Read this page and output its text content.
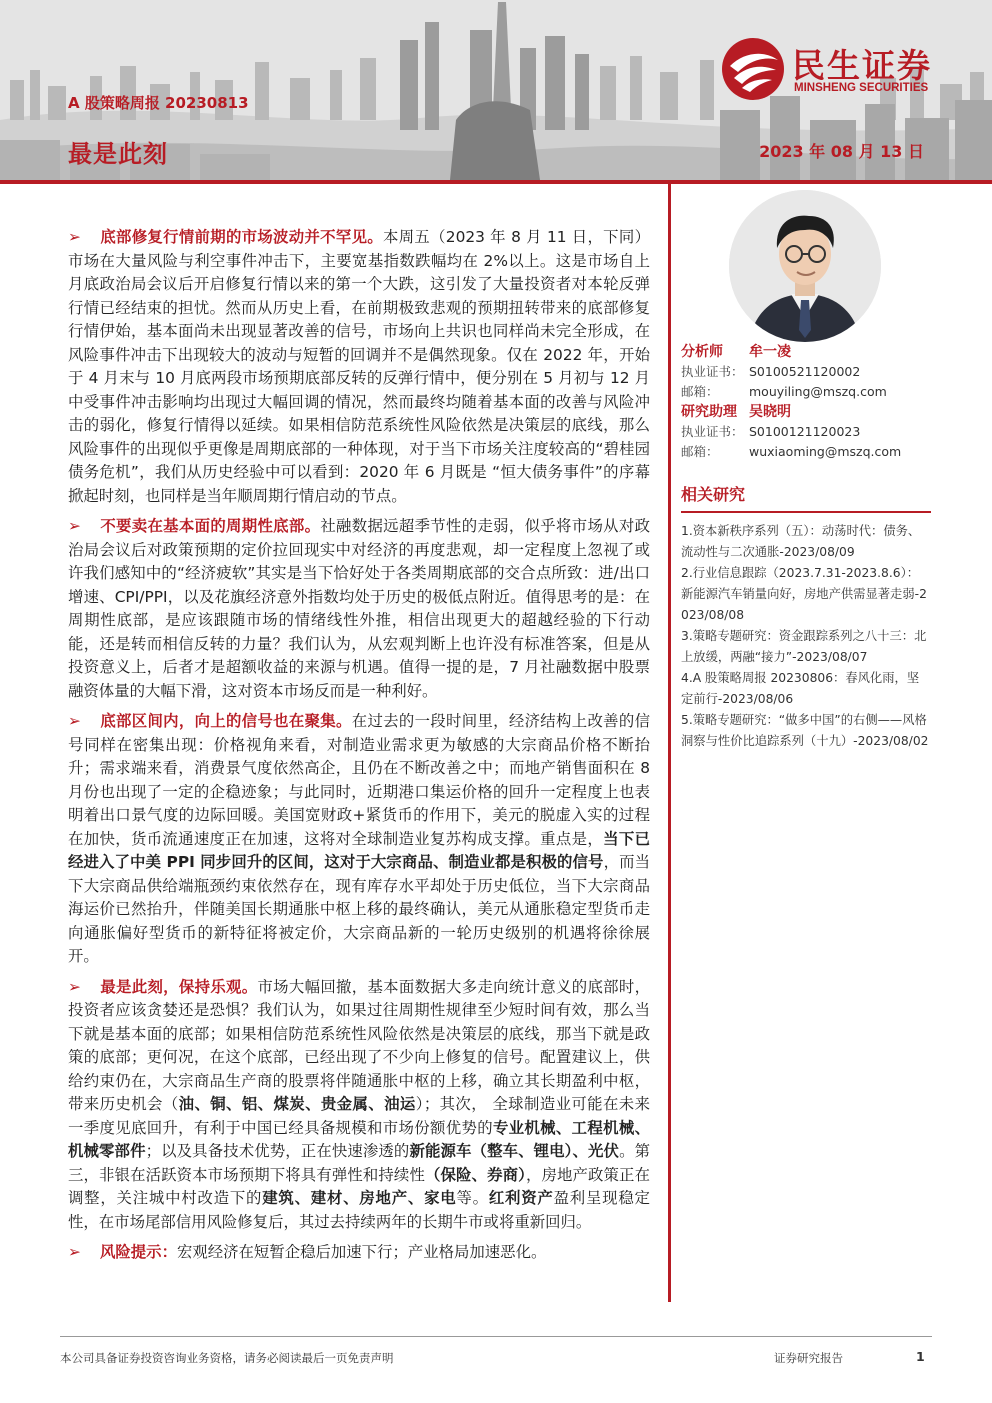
民生证券
MINSHENG SECURITIES
A 股策略周报 20230813
最是此刻	2023 年 08 月 13 日

➢ 底部修复行情前期的市场波动并不罕见。本周五（2023 年 8 月 11 日，下同）市场在大量风险与利空事件冲击下，主要宽基指数跌幅均在 2%以上。这是市场自上月底政治局会议后开启修复行情以来的第一个大跌，这引发了大量投资者对本轮反弹行情已经结束的担忧。然而从历史上看，在前期极致悲观的预期扭转带来的底部修复行情伊始，基本面尚未出现显著改善的信号，市场向上共识也同样尚未完全形成，在风险事件冲击下出现较大的波动与短暂的回调并不是偶然现象。仅在 2022 年，开始于 4 月末与 10 月底两段市场预期底部反转的反弹行情中，便分别在 5 月初与 12 月中受事件冲击影响均出现过大幅回调的情况，然而最终均随着基本面的改善与风险冲击的弱化，修复行情得以延续。如果相信防范系统性风险依然是决策层的底线，那么风险事件的出现似乎更像是周期底部的一种体现，对于当下市场关注度较高的“碧桂园债务危机”，我们从历史经验中可以看到：2020 年 6 月既是 “恒大债务事件”的序幕掀起时刻，也同样是当年顺周期行情启动的节点。

➢ 不要卖在基本面的周期性底部。社融数据远超季节性的走弱，似乎将市场从对政治局会议后对政策预期的定价拉回现实中对经济的再度悲观，却一定程度上忽视了或许我们感知中的“经济疲软”其实是当下恰好处于各类周期底部的交合点所致：进/出口增速、CPI/PPI，以及花旗经济意外指数均处于历史的极低点附近。值得思考的是：在周期性底部，是应该跟随市场的情绪线性外推，相信出现更大的超越经验的下行动能，还是转而相信反转的力量？我们认为，从宏观判断上也许没有标准答案，但是从投资意义上，后者才是超额收益的来源与机遇。值得一提的是，7 月社融数据中股票融资体量的大幅下滑，这对资本市场反而是一种利好。

➢ 底部区间内，向上的信号也在聚集。在过去的一段时间里，经济结构上改善的信号同样在密集出现：价格视角来看，对制造业需求更为敏感的大宗商品价格不断抬升；需求端来看，消费景气度依然高企，且仍在不断改善之中；而地产销售面积在 8 月份也出现了一定的企稳迹象；与此同时，近期港口集运价格的回升一定程度上也表明着出口景气度的边际回暖。美国宽财政+紧货币的作用下，美元的脱虚入实的过程在加快，货币流通速度正在加速，这将对全球制造业复苏构成支撑。重点是，当下已经进入了中美 PPI 同步回升的区间，这对于大宗商品、制造业都是积极的信号，而当下大宗商品供给端瓶颈约束依然存在，现有库存水平却处于历史低位，当下大宗商品海运价已然抬升，伴随美国长期通胀中枢上移的最终确认，美元从通胀稳定型货币走向通胀偏好型货币的新特征将被定价，大宗商品新的一轮历史级别的机遇将徐徐展开。

➢ 最是此刻，保持乐观。市场大幅回撤，基本面数据大多走向统计意义的底部时，投资者应该贪婪还是恐惧？我们认为，如果过往周期性规律至少短时间有效，那么当下就是基本面的底部；如果相信防范系统性风险依然是决策层的底线，那当下就是政策的底部；更何况，在这个底部，已经出现了不少向上修复的信号。配置建议上，供给约束仍在，大宗商品生产商的股票将伴随通胀中枢的上移，确立其长期盈利中枢，带来历史机会（油、铜、铝、煤炭、贵金属、油运）；其次， 全球制造业可能在未来一季度见底回升，有利于中国已经具备规模和市场份额优势的专业机械、工程机械、机械零部件；以及具备技术优势，正在快速渗透的新能源车（整车、锂电）、光伏。第三，非银在活跃资本市场预期下将具有弹性和持续性（保险、券商），房地产政策正在调整，关注城中村改造下的建筑、建材、房地产、家电等。红利资产盈利呈现稳定性，在市场尾部信用风险修复后，其过去持续两年的长期牛市或将重新回归。

➢ 风险提示：宏观经济在短暂企稳后加速下行；产业格局加速恶化。

分析师 牟一凌
执业证书： S0100521120002
邮箱： mouyiling@mszq.com
研究助理 吴晓明
执业证书： S0100121120023
邮箱： wuxiaoming@mszq.com
相关研究

1.资本新秩序系列（五）：动荡时代：债务、流动性与二次通胀-2023/08/09

2.行业信息跟踪（2023.7.31-2023.8.6）：新能源汽车销量向好，房地产供需显著走弱-2023/08/08

3.策略专题研究：资金跟踪系列之八十三：北上放缓，两融“接力”-2023/08/07

4.A 股策略周报 20230806：春风化雨，坚定前行-2023/08/06

5.策略专题研究：“做多中国”的右侧——风格洞察与性价比追踪系列（十九）-2023/08/02

本公司具备证券投资咨询业务资格，请务必阅读最后一页免责声明	证券研究报告	1
